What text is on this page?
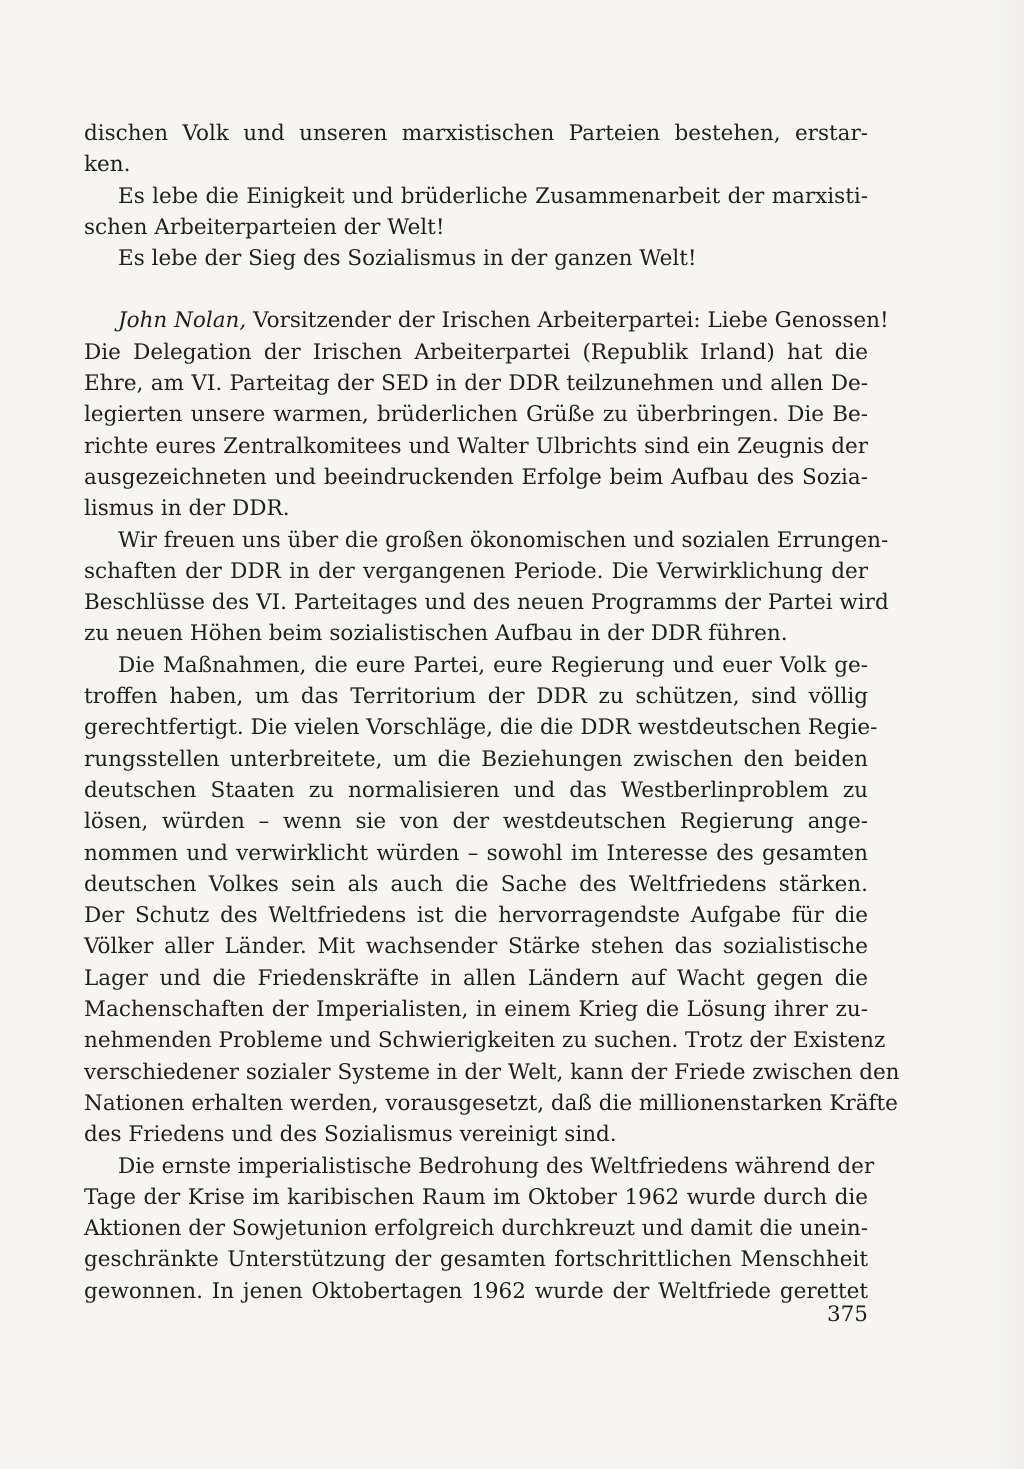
dischen Volk und unseren marxistischen Parteien bestehen, erstar-
ken.
Es lebe die Einigkeit und brüderliche Zusammenarbeit der marxisti-
schen Arbeiterparteien der Welt!
Es lebe der Sieg des Sozialismus in der ganzen Welt!
John Nolan, Vorsitzender der Irischen Arbeiterpartei: Liebe Genossen!
Die Delegation der Irischen Arbeiterpartei (Republik Irland) hat die
Ehre, am VI. Parteitag der SED in der DDR teilzunehmen und allen De-
legierten unsere warmen, brüderlichen Grüße zu überbringen. Die Be-
richte eures Zentralkomitees und Walter Ulbrichts sind ein Zeugnis der
ausgezeichneten und beeindruckenden Erfolge beim Aufbau des Sozia-
lismus in der DDR.
Wir freuen uns über die großen ökonomischen und sozialen Errungen-
schaften der DDR in der vergangenen Periode. Die Verwirklichung der
Beschlüsse des VI. Parteitages und des neuen Programms der Partei wird
zu neuen Höhen beim sozialistischen Aufbau in der DDR führen.
Die Maßnahmen, die eure Partei, eure Regierung und euer Volk ge-
troffen haben, um das Territorium der DDR zu schützen, sind völlig
gerechtfertigt. Die vielen Vorschläge, die die DDR westdeutschen Regie-
rungsstellen unterbreitete, um die Beziehungen zwischen den beiden
deutschen Staaten zu normalisieren und das Westberlinproblem zu
lösen, würden – wenn sie von der westdeutschen Regierung ange-
nommen und verwirklicht würden – sowohl im Interesse des gesamten
deutschen Volkes sein als auch die Sache des Weltfriedens stärken.
Der Schutz des Weltfriedens ist die hervorragendste Aufgabe für die
Völker aller Länder. Mit wachsender Stärke stehen das sozialistische
Lager und die Friedenskräfte in allen Ländern auf Wacht gegen die
Machenschaften der Imperialisten, in einem Krieg die Lösung ihrer zu-
nehmenden Probleme und Schwierigkeiten zu suchen. Trotz der Existenz
verschiedener sozialer Systeme in der Welt, kann der Friede zwischen den
Nationen erhalten werden, vorausgesetzt, daß die millionenstarken Kräfte
des Friedens und des Sozialismus vereinigt sind.
Die ernste imperialistische Bedrohung des Weltfriedens während der
Tage der Krise im karibischen Raum im Oktober 1962 wurde durch die
Aktionen der Sowjetunion erfolgreich durchkreuzt und damit die unein-
geschränkte Unterstützung der gesamten fortschrittlichen Menschheit
gewonnen. In jenen Oktobertagen 1962 wurde der Weltfriede gerettet
375
